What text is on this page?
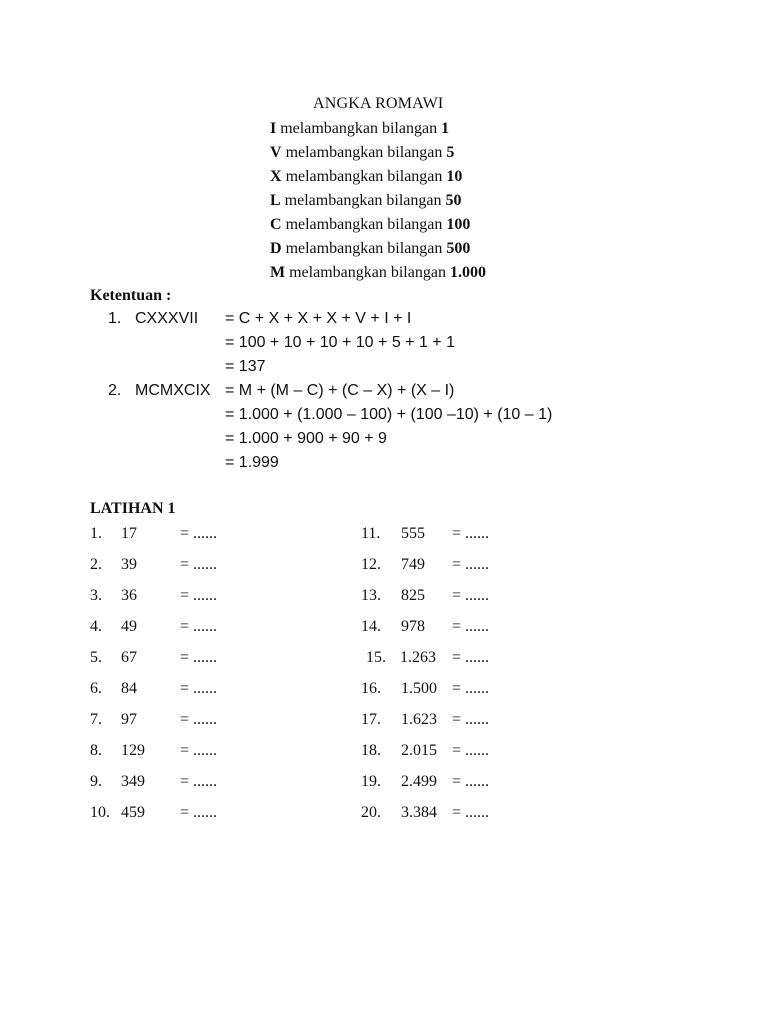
ANGKA ROMAWI
I melambangkan bilangan 1
V melambangkan bilangan 5
X melambangkan bilangan 10
L melambangkan bilangan 50
C melambangkan bilangan 100
D melambangkan bilangan 500
M melambangkan bilangan 1.000
Ketentuan :
1. CXXXVII = C + X + X + X + V + I + I
= 100 + 10 + 10 + 10 + 5 + 1 + 1
= 137
2. MCMXCIX = M + (M – C) + (C – X) + (X – I)
= 1.000 + (1.000 – 100) + (100 –10) + (10 – 1)
= 1.000 + 900 + 90 + 9
= 1.999
LATIHAN 1
1. 17	= ......
2. 39	= ......
3. 36	= ......
4. 49	= ......
5. 67	= ......
6. 84	= ......
7. 97	= ......
8. 129 = ......
9. 349 = ......
10. 459 = ......
11. 555 = ......
12. 749 = ......
13. 825 = ......
14. 978 = ......
15. 1.263 = ......
16. 1.500 = ......
17. 1.623 = ......
18. 2.015 = ......
19. 2.499 = ......
20. 3.384 = ......
